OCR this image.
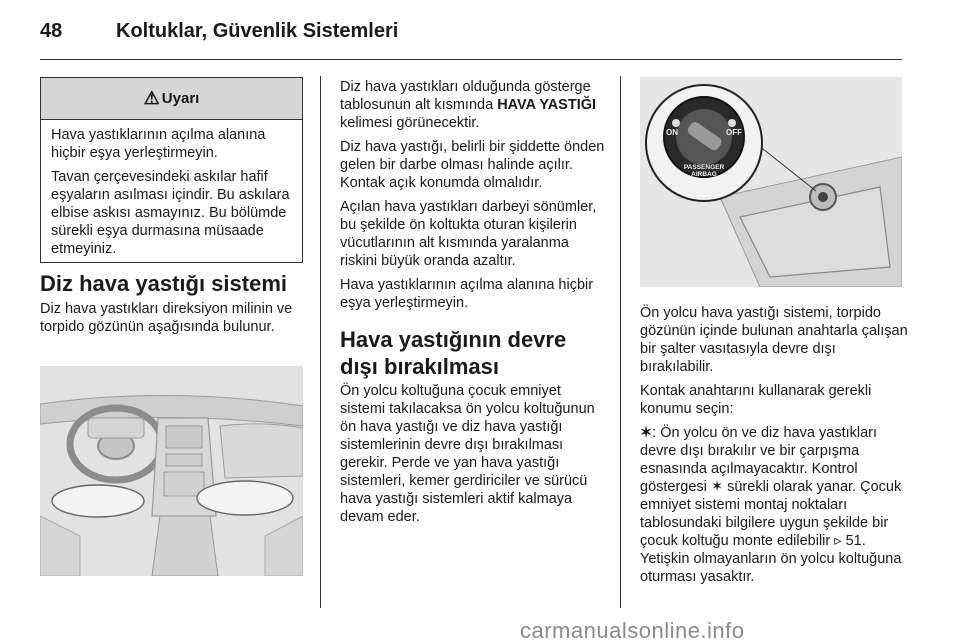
48	Koltuklar, Güvenlik Sistemleri
⚠ Uyarı

Hava yastıklarının açılma alanına hiçbir eşya yerleştirmeyin.

Tavan çerçevesindeki askılar hafif eşyaların asılması içindir. Bu askılara elbise askısı asmayınız. Bu bölümde sürekli eşya durmasına müsaade etmeyiniz.

Diz hava yastığı sistemi
Diz hava yastıkları direksiyon milinin ve torpido gözünün aşağısında bulunur.

Diz hava yastıkları olduğunda gösterge tablosunun alt kısmında HAVA YASTIĞI kelimesi görünecektir.

Diz hava yastığı, belirli bir şiddette önden gelen bir darbe olması halinde açılır. Kontak açık konumda olmalıdır.

Açılan hava yastıkları darbeyi sönümler, bu şekilde ön koltukta oturan kişilerin vücutlarının alt kısmında yaralanma riskini büyük oranda azaltır.

Hava yastıklarının açılma alanına hiçbir eşya yerleştirmeyin.

Hava yastığının devre dışı bırakılması

Ön yolcu koltuğuna çocuk emniyet sistemi takılacaksa ön yolcu koltuğunun ön hava yastığı ve diz hava yastığı sistemlerinin devre dışı bırakılması gerekir. Perde ve yan hava yastığı sistemleri, kemer gerdiriciler ve sürücü hava yastığı sistemleri aktif kalmaya devam eder.

ON	OFF
PASSENGER
AIRBAG

Ön yolcu hava yastığı sistemi, torpido gözünün içinde bulunan anahtarla çalışan bir şalter vasıtasıyla devre dışı bırakılabilir.

Kontak anahtarını kullanarak gerekli konumu seçin:

✶: Ön yolcu ön ve diz hava yastıkları devre dışı bırakılır ve bir çarpışma esnasında açılmayacaktır. Kontrol göstergesi ✶ sürekli olarak yanar. Çocuk emniyet sistemi montaj noktaları tablosundaki bilgilere uygun şekilde bir çocuk koltuğu monte edilebilir ▹ 51. Yetişkin olmayanların ön yolcu koltuğuna oturması yasaktır.

carmanualsonline.info
